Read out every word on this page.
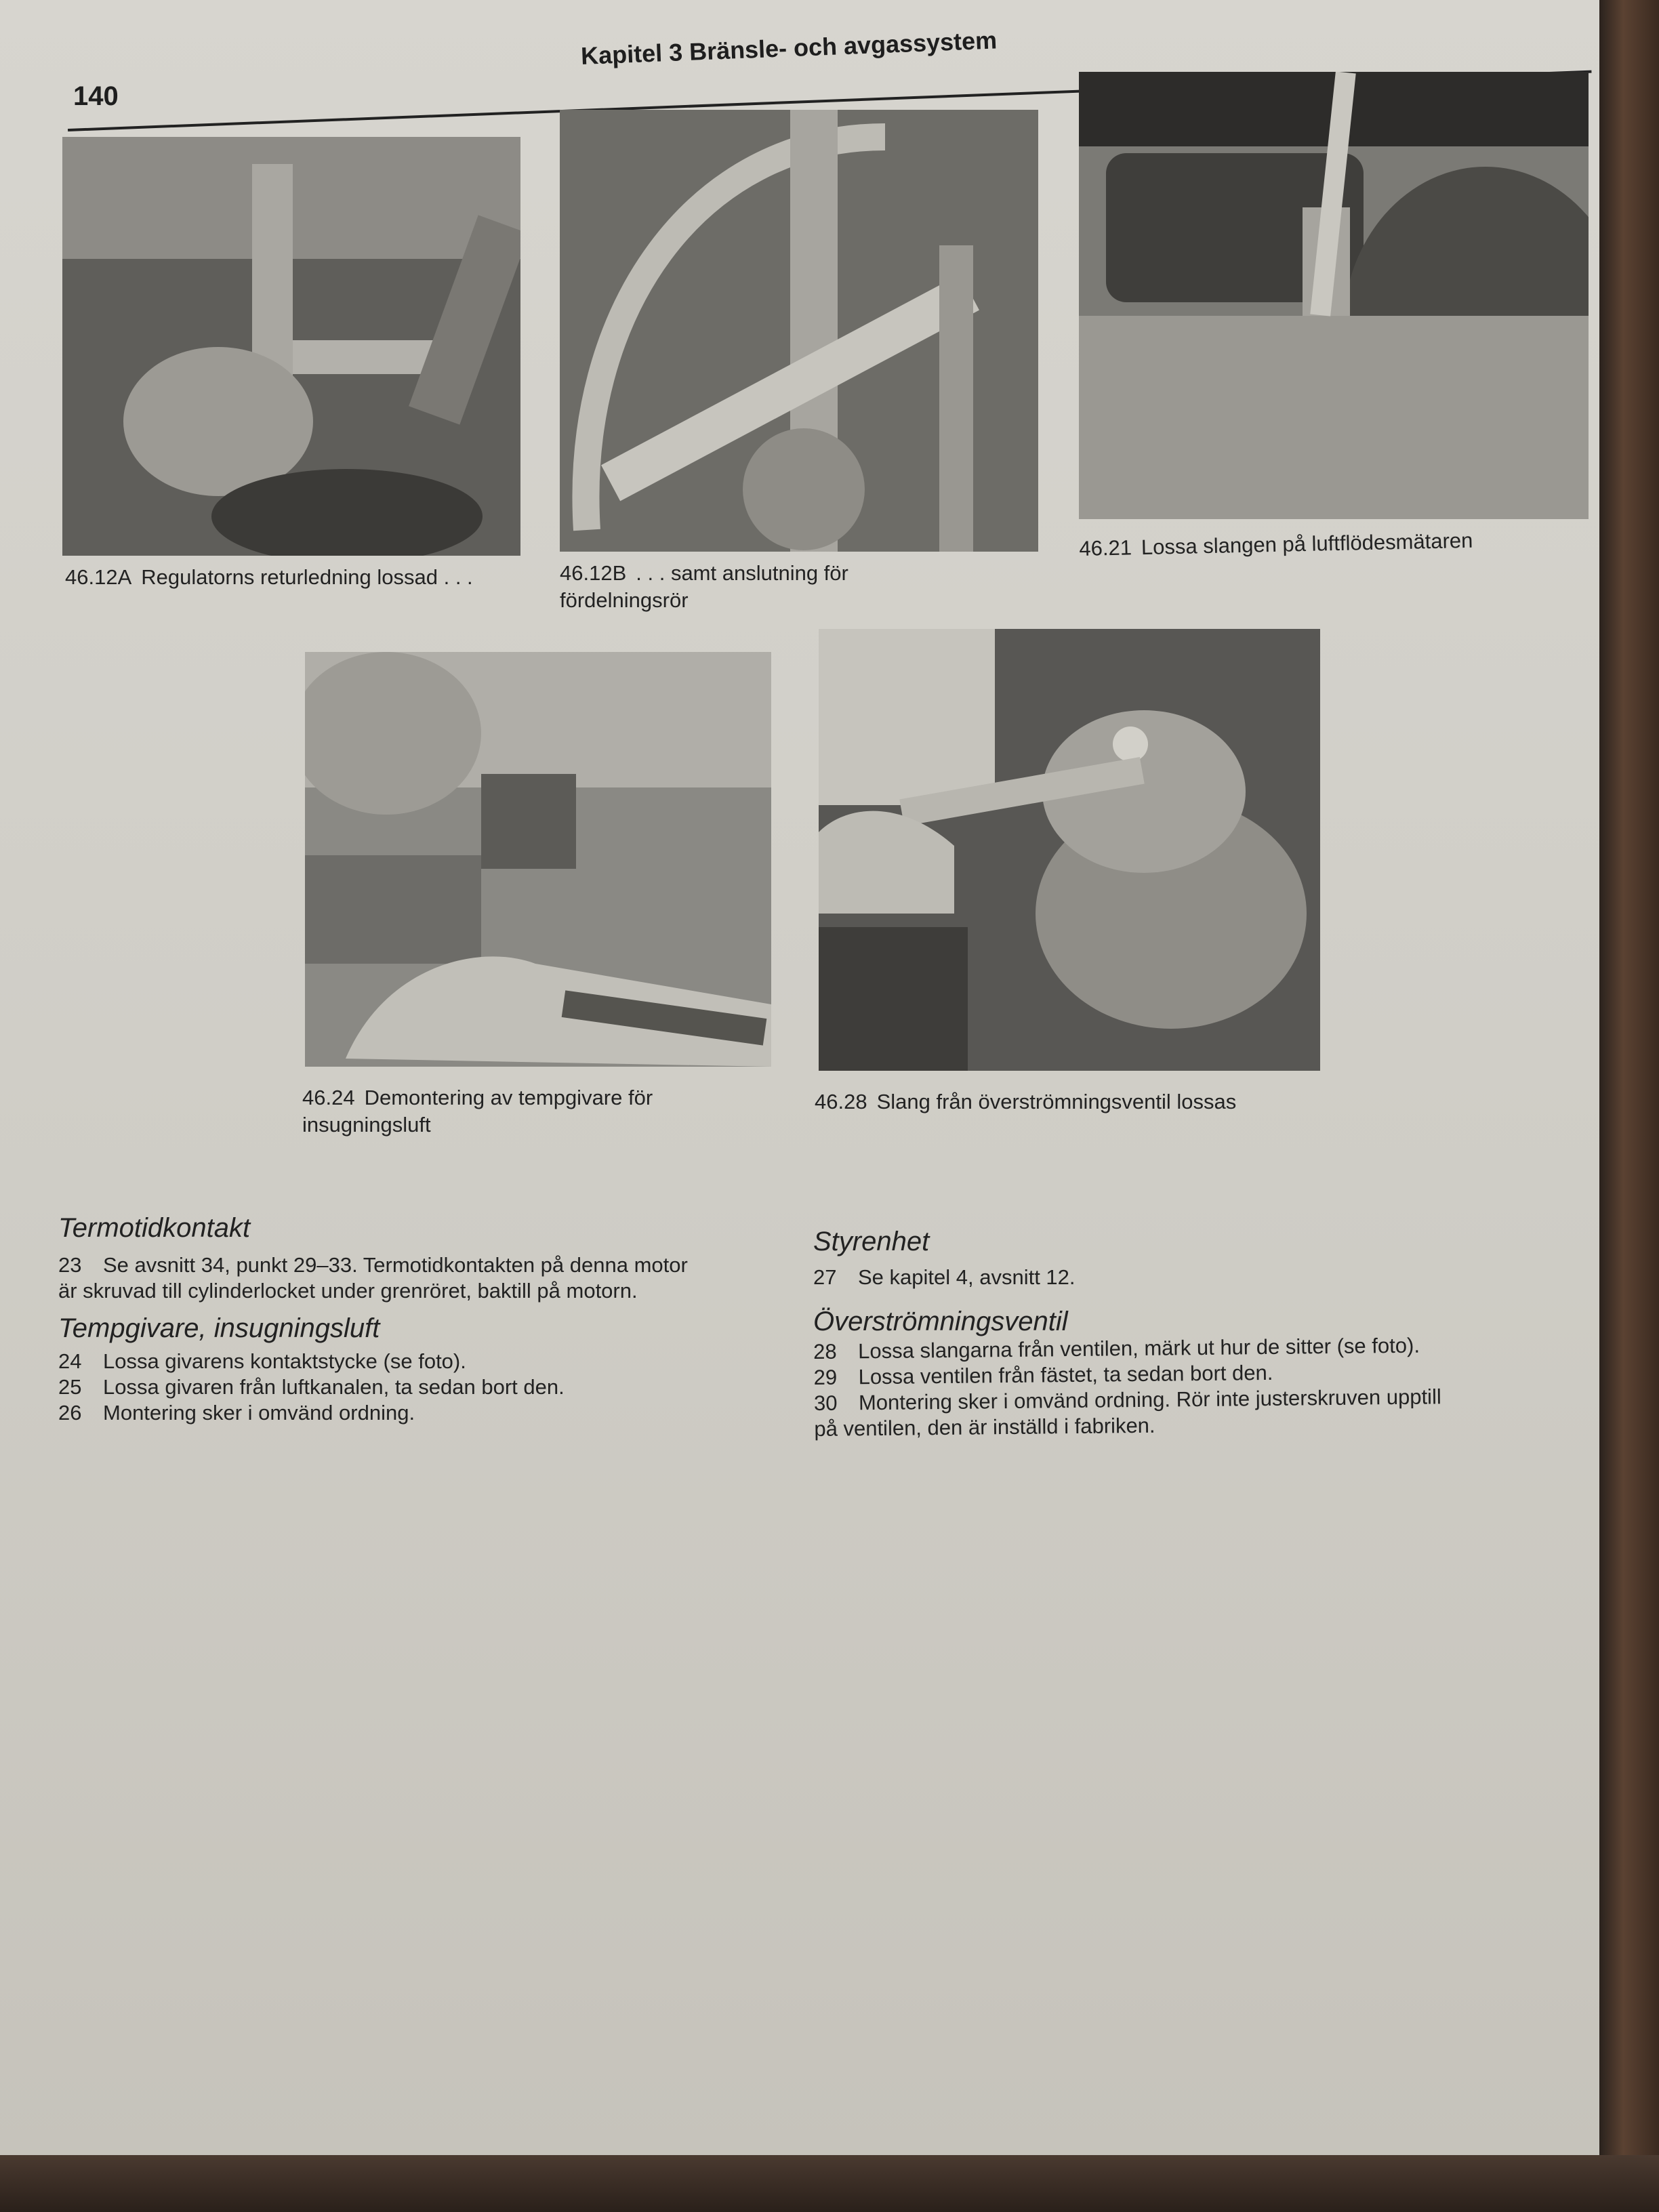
140
Kapitel 3 Bränsle- och avgassystem
46.12A Regulatorns returledning lossad . . .	46.12B . . . samt anslutning för fördelningsrör
46.21 Lossa slangen på luftflödesmätaren
46.24 Demontering av tempgivare för insugningsluft
46.28 Slang från överströmningsventil lossas
Termotidkontakt
23	Se avsnitt 34, punkt 29–33. Termotidkontakten på denna motor
är skruvad till cylinderlocket under grenröret, baktill på motorn.
Tempgivare, insugningsluft
24	Lossa givarens kontaktstycke (se foto).
25	Lossa givaren från luftkanalen, ta sedan bort den.
26	Montering sker i omvänd ordning.
Styrenhet
27	Se kapitel 4, avsnitt 12.
Överströmningsventil
28	Lossa slangarna från ventilen, märk ut hur de sitter (se foto).
29	Lossa ventilen från fästet, ta sedan bort den.
30	Montering sker i omvänd ordning. Rör inte justerskruven upptill
på ventilen, den är inställd i fabriken.
